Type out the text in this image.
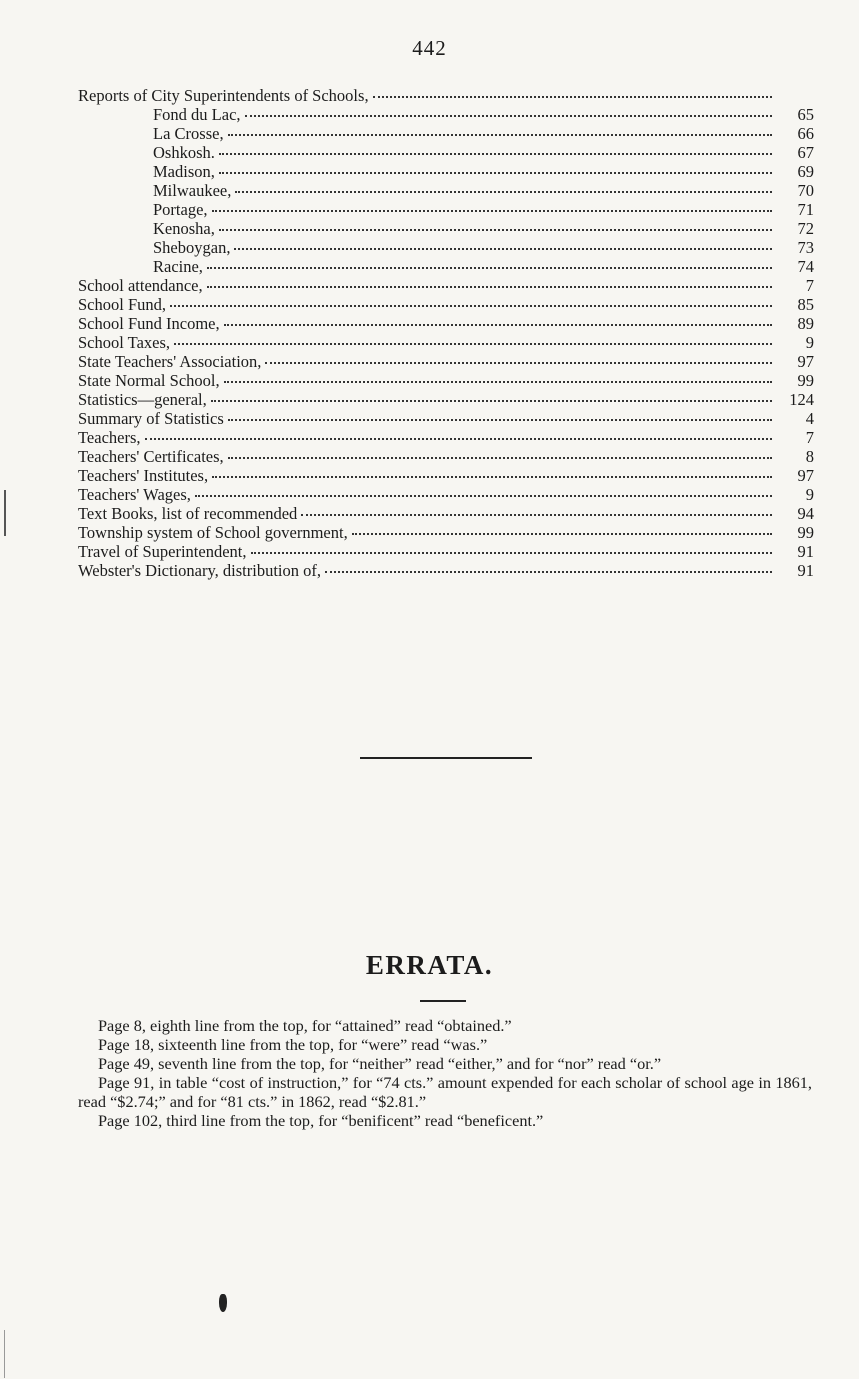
442
Reports of City Superintendents of Schools,
Fond du Lac,	65
La Crosse,	66
Oshkosh.	67
Madison,	69
Milwaukee,	70
Portage,	71
Kenosha,	72
Sheboygan,	73
Racine,	74
School attendance,	7
School Fund,	85
School Fund Income,	89
School Taxes,	9
State Teachers' Association,	97
State Normal School,	99
Statistics—general,	124
Summary of Statistics	4
Teachers,	7
Teachers' Certificates,	8
Teachers' Institutes,	97
Teachers' Wages,	9
Text Books, list of recommended	94
Township system of School government,	99
Travel of Superintendent,	91
Webster's Dictionary, distribution of,	91
ERRATA.

Page 8, eighth line from the top, for “attained” read “obtained.”

Page 18, sixteenth line from the top, for “were” read “was.”

Page 49, seventh line from the top, for “neither” read “either,” and for “nor” read “or.”

Page 91, in table “cost of instruction,” for “74 cts.” amount expended for each scholar of school age in 1861, read “$2.74;” and for “81 cts.” in 1862, read “$2.81.”

Page 102, third line from the top, for “benificent” read “beneficent.”
